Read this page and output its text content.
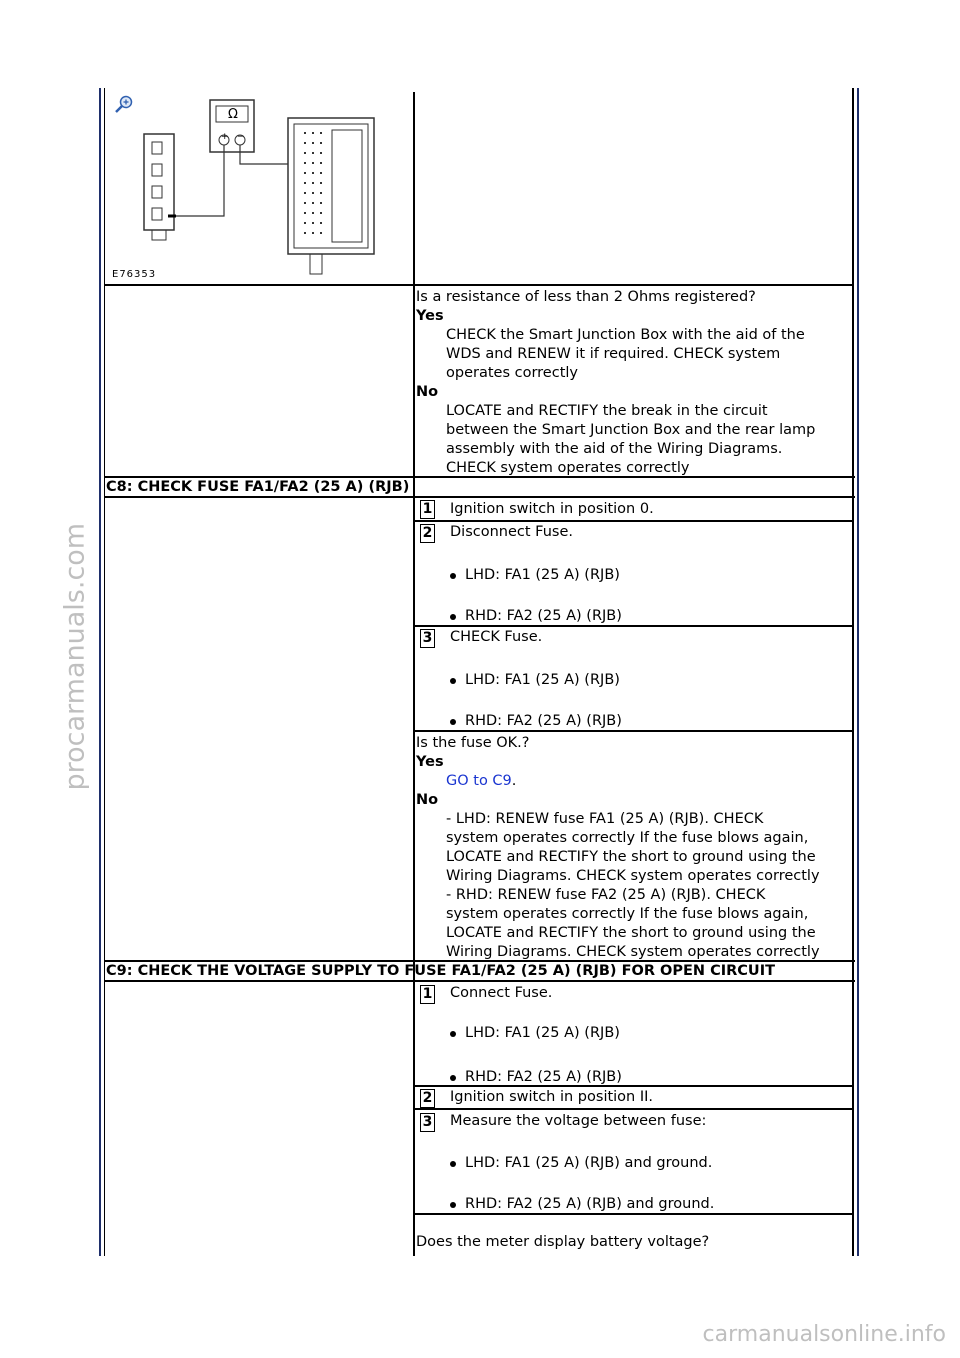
Ω
+ −
E76353
Is a resistance of less than 2 Ohms registered?
Yes
CHECK the Smart Junction Box with the aid of the
WDS and RENEW it if required. CHECK system
operates correctly
No
LOCATE and RECTIFY the break in the circuit
between the Smart Junction Box and the rear lamp
assembly with the aid of the Wiring Diagrams.
CHECK system operates correctly
C8: CHECK FUSE FA1/FA2 (25 A) (RJB)
1 Ignition switch in position 0.
2 Disconnect Fuse.
LHD: FA1 (25 A) (RJB)
RHD: FA2 (25 A) (RJB)
3 CHECK Fuse.
LHD: FA1 (25 A) (RJB)
RHD: FA2 (25 A) (RJB)
Is the fuse OK.?
Yes
GO to C9.
No
- LHD: RENEW fuse FA1 (25 A) (RJB). CHECK
system operates correctly If the fuse blows again,
LOCATE and RECTIFY the short to ground using the
Wiring Diagrams. CHECK system operates correctly
- RHD: RENEW fuse FA2 (25 A) (RJB). CHECK
system operates correctly If the fuse blows again,
LOCATE and RECTIFY the short to ground using the
Wiring Diagrams. CHECK system operates correctly
C9: CHECK THE VOLTAGE SUPPLY TO FUSE FA1/FA2 (25 A) (RJB) FOR OPEN CIRCUIT
1 Connect Fuse.
LHD: FA1 (25 A) (RJB)
RHD: FA2 (25 A) (RJB)
2 Ignition switch in position II.
3 Measure the voltage between fuse:
LHD: FA1 (25 A) (RJB) and ground.
RHD: FA2 (25 A) (RJB) and ground.
Does the meter display battery voltage?
procarmanuals.com
carmanualsonline.info
